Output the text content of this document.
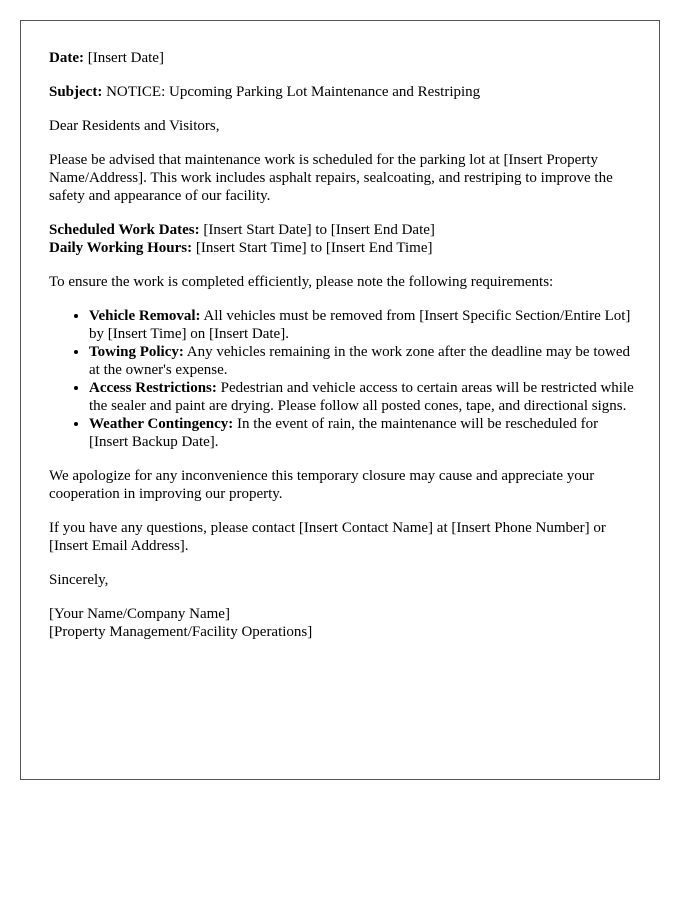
Date: [Insert Date]

Subject: NOTICE: Upcoming Parking Lot Maintenance and Restriping

Dear Residents and Visitors,

Please be advised that maintenance work is scheduled for the parking lot at [Insert Property Name/Address]. This work includes asphalt repairs, sealcoating, and restriping to improve the safety and appearance of our facility.

Scheduled Work Dates: [Insert Start Date] to [Insert End Date]
Daily Working Hours: [Insert Start Time] to [Insert End Time]

To ensure the work is completed efficiently, please note the following requirements:

• Vehicle Removal: All vehicles must be removed from [Insert Specific Section/Entire Lot] by [Insert Time] on [Insert Date].
• Towing Policy: Any vehicles remaining in the work zone after the deadline may be towed at the owner's expense.
• Access Restrictions: Pedestrian and vehicle access to certain areas will be restricted while the sealer and paint are drying. Please follow all posted cones, tape, and directional signs.
• Weather Contingency: In the event of rain, the maintenance will be rescheduled for [Insert Backup Date].

We apologize for any inconvenience this temporary closure may cause and appreciate your cooperation in improving our property.

If you have any questions, please contact [Insert Contact Name] at [Insert Phone Number] or [Insert Email Address].

Sincerely,

[Your Name/Company Name]
[Property Management/Facility Operations]
